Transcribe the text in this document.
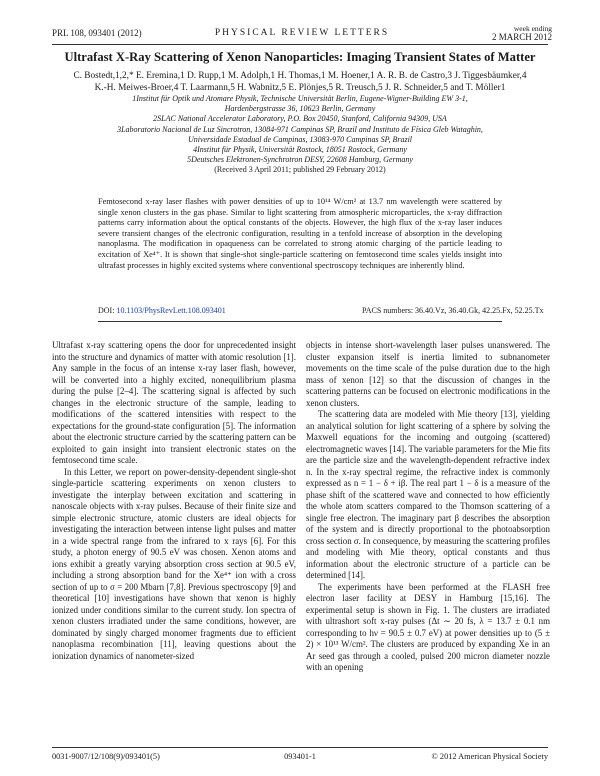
PRL 108, 093401 (2012)	PHYSICAL REVIEW LETTERS	week ending
2 MARCH 2012
Ultrafast X-Ray Scattering of Xenon Nanoparticles: Imaging Transient States of Matter
C. Bostedt,1,2,* E. Eremina,1 D. Rupp,1 M. Adolph,1 H. Thomas,1 M. Hoener,1 A. R. B. de Castro,3 J. Tiggesbäumker,4
K.-H. Meiwes-Broer,4 T. Laarmann,5 H. Wabnitz,5 E. Plönjes,5 R. Treusch,5 J. R. Schneider,5 and T. Möller1
1Institut für Optik und Atomare Physik, Technische Universität Berlin, Eugene-Wigner-Building EW 3-1,
Hardenbergstrasse 36, 10623 Berlin, Germany
2SLAC National Accelerator Laboratory, P.O. Box 20450, Stanford, California 94309, USA
3Laboratorio Nacional de Luz Sincrotron, 13084-971 Campinas SP, Brazil and Instituto de Física Gleb Wataghin,
Universidade Estadual de Campinas, 13083-970 Campinas SP, Brazil
4Institut für Physik, Universität Rostock, 18051 Rostock, Germany
5Deutsches Elektronen-Synchrotron DESY, 22608 Hamburg, Germany
(Received 3 April 2011; published 29 February 2012)
Femtosecond x-ray laser flashes with power densities of up to 10¹⁴ W/cm² at 13.7 nm wavelength were scattered by single xenon clusters in the gas phase. Similar to light scattering from atmospheric microparticles, the x-ray diffraction patterns carry information about the optical constants of the objects. However, the high flux of the x-ray laser induces severe transient changes of the electronic configuration, resulting in a tenfold increase of absorption in the developing nanoplasma. The modification in opaqueness can be correlated to strong atomic charging of the particle leading to excitation of Xe⁴⁺. It is shown that single-shot single-particle scattering on femtosecond time scales yields insight into ultrafast processes in highly excited systems where conventional spectroscopy techniques are inherently blind.
DOI: 10.1103/PhysRevLett.108.093401	PACS numbers: 36.40.Vz, 36.40.Gk, 42.25.Fx, 52.25.Tx

Ultrafast x-ray scattering opens the door for unprecedented insight into the structure and dynamics of matter with atomic resolution [1]. Any sample in the focus of an intense x-ray laser flash, however, will be converted into a highly excited, nonequilibrium plasma during the pulse [2–4]. The scattering signal is affected by such changes in the electronic structure of the sample, leading to modifications of the scattered intensities with respect to the expectations for the ground-state configuration [5]. The information about the electronic structure carried by the scattering pattern can be exploited to gain insight into transient electronic states on the femtosecond time scale.

In this Letter, we report on power-density-dependent single-shot single-particle scattering experiments on xenon clusters to investigate the interplay between excitation and scattering in nanoscale objects with x-ray pulses. Because of their finite size and simple electronic structure, atomic clusters are ideal objects for investigating the interaction between intense light pulses and matter in a wide spectral range from the infrared to x rays [6]. For this study, a photon energy of 90.5 eV was chosen. Xenon atoms and ions exhibit a greatly varying absorption cross section at 90.5 eV, including a strong absorption band for the Xe⁴⁺ ion with a cross section of up to σ = 200 Mbarn [7,8]. Previous spectroscopy [9] and theoretical [10] investigations have shown that xenon is highly ionized under conditions similar to the current study. Ion spectra of xenon clusters irradiated under the same conditions, however, are dominated by singly charged monomer fragments due to efficient nanoplasma recombination [11], leaving questions about the ionization dynamics of nanometer-sized

objects in intense short-wavelength laser pulses unanswered. The cluster expansion itself is inertia limited to subnanometer movements on the time scale of the pulse duration due to the high mass of xenon [12] so that the discussion of changes in the scattering patterns can be focused on electronic modifications in the xenon clusters.

The scattering data are modeled with Mie theory [13], yielding an analytical solution for light scattering of a sphere by solving the Maxwell equations for the incoming and outgoing (scattered) electromagnetic waves [14]. The variable parameters for the Mie fits are the particle size and the wavelength-dependent refractive index n. In the x-ray spectral regime, the refractive index is commonly expressed as n = 1 − δ + iβ. The real part 1 − δ is a measure of the phase shift of the scattered wave and connected to how efficiently the whole atom scatters compared to the Thomson scattering of a single free electron. The imaginary part β describes the absorption of the system and is directly proportional to the photoabsorption cross section σ. In consequence, by measuring the scattering profiles and modeling with Mie theory, optical constants and thus information about the electronic structure of a particle can be determined [14].

The experiments have been performed at the FLASH free electron laser facility at DESY in Hamburg [15,16]. The experimental setup is shown in Fig. 1. The clusters are irradiated with ultrashort soft x-ray pulses (Δt ∼ 20 fs, λ = 13.7 ± 0.1 nm corresponding to hν = 90.5 ± 0.7 eV) at power densities up to (5 ± 2) × 10¹³ W/cm². The clusters are produced by expanding Xe in an Ar seed gas through a cooled, pulsed 200 micron diameter nozzle with an opening

0031-9007/12/108(9)/093401(5)	093401-1	© 2012 American Physical Society
